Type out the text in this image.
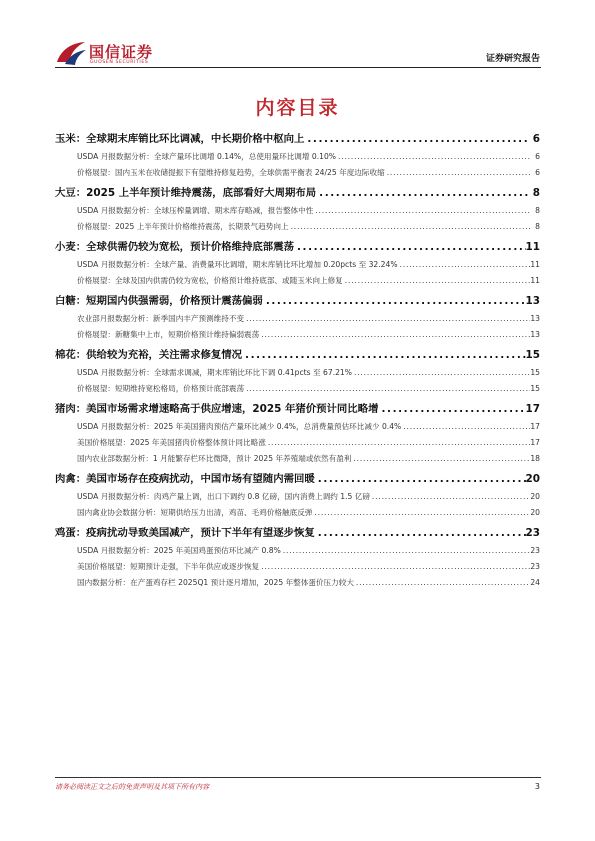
国信证券
GUOSEN SECURITIES	证券研究报告
内容目录
玉米：全球期末库销比环比调减，中长期价格中枢向上 .....	6
USDA 月报数据分析：全球产量环比调增 0.14%，总使用量环比调增 0.10% .....	6
价格展望：国内玉米在收储提振下有望维持修复趋势，全球供需平衡表 24/25 年度边际收缩 .....	6
大豆：2025 上半年预计维持震荡，底部看好大周期布局 .....	8
USDA 月报数据分析：全球压榨量调增、期末库存略减，报告整体中性 .....	8
价格展望：2025 上半年预计价格维持震荡，长期景气趋势向上 .....	8
小麦：全球供需仍较为宽松，预计价格维持底部震荡 .....	11
USDA 月报数据分析：全球产量、消费量环比调增，期末库销比环比增加 0.20pcts 至 32.24% .....	11
价格展望：全球及国内供需仍较为宽松，价格预计维持底部、或随玉米向上修复 .....	11
白糖：短期国内供强需弱，价格预计震荡偏弱 .....	13
农业部月报数据分析：新季国内丰产预测维持不变 .....	13
价格展望：新糖集中上市，短期价格预计维持偏弱震荡 .....	13
棉花：供给较为充裕，关注需求修复情况 .....	15
USDA 月报数据分析：全球需求调减，期末库销比环比下调 0.41pcts 至 67.21% .....	15
价格展望：短期维持宽松格局，价格预计底部震荡 .....	15
猪肉：美国市场需求增速略高于供应增速，2025 年猪价预计同比略增 .....	17
USDA 月报数据分析：2025 年美国猪肉预估产量环比减少 0.4%，总消费量预估环比减少 0.4% .....	17
美国价格展望：2025 年美国猪肉价格整体预计同比略涨 .....	17
国内农业部数据分析：1 月能繁存栏环比微降，预计 2025 年养殖端或依然有盈利 .....	18
肉禽：美国市场存在疫病扰动，中国市场有望随内需回暖 .....	20
USDA 月报数据分析：肉鸡产量上调，出口下调约 0.8 亿磅，国内消费上调约 1.5 亿磅 .....	20
国内禽业协会数据分析：短期供给压力出清，鸡苗、毛鸡价格触底反弹 .....	20
鸡蛋：疫病扰动导致美国减产，预计下半年有望逐步恢复 .....	23
USDA 月报数据分析：2025 年美国鸡蛋预估环比减产 0.8% .....	23
美国价格展望：短期预计走强，下半年供应或逐步恢复 .....	23
国内数据分析：在产蛋鸡存栏 2025Q1 预计逐月增加，2025 年整体蛋价压力较大 .....	24
请务必阅读正文之后的免责声明及其项下所有内容	3
